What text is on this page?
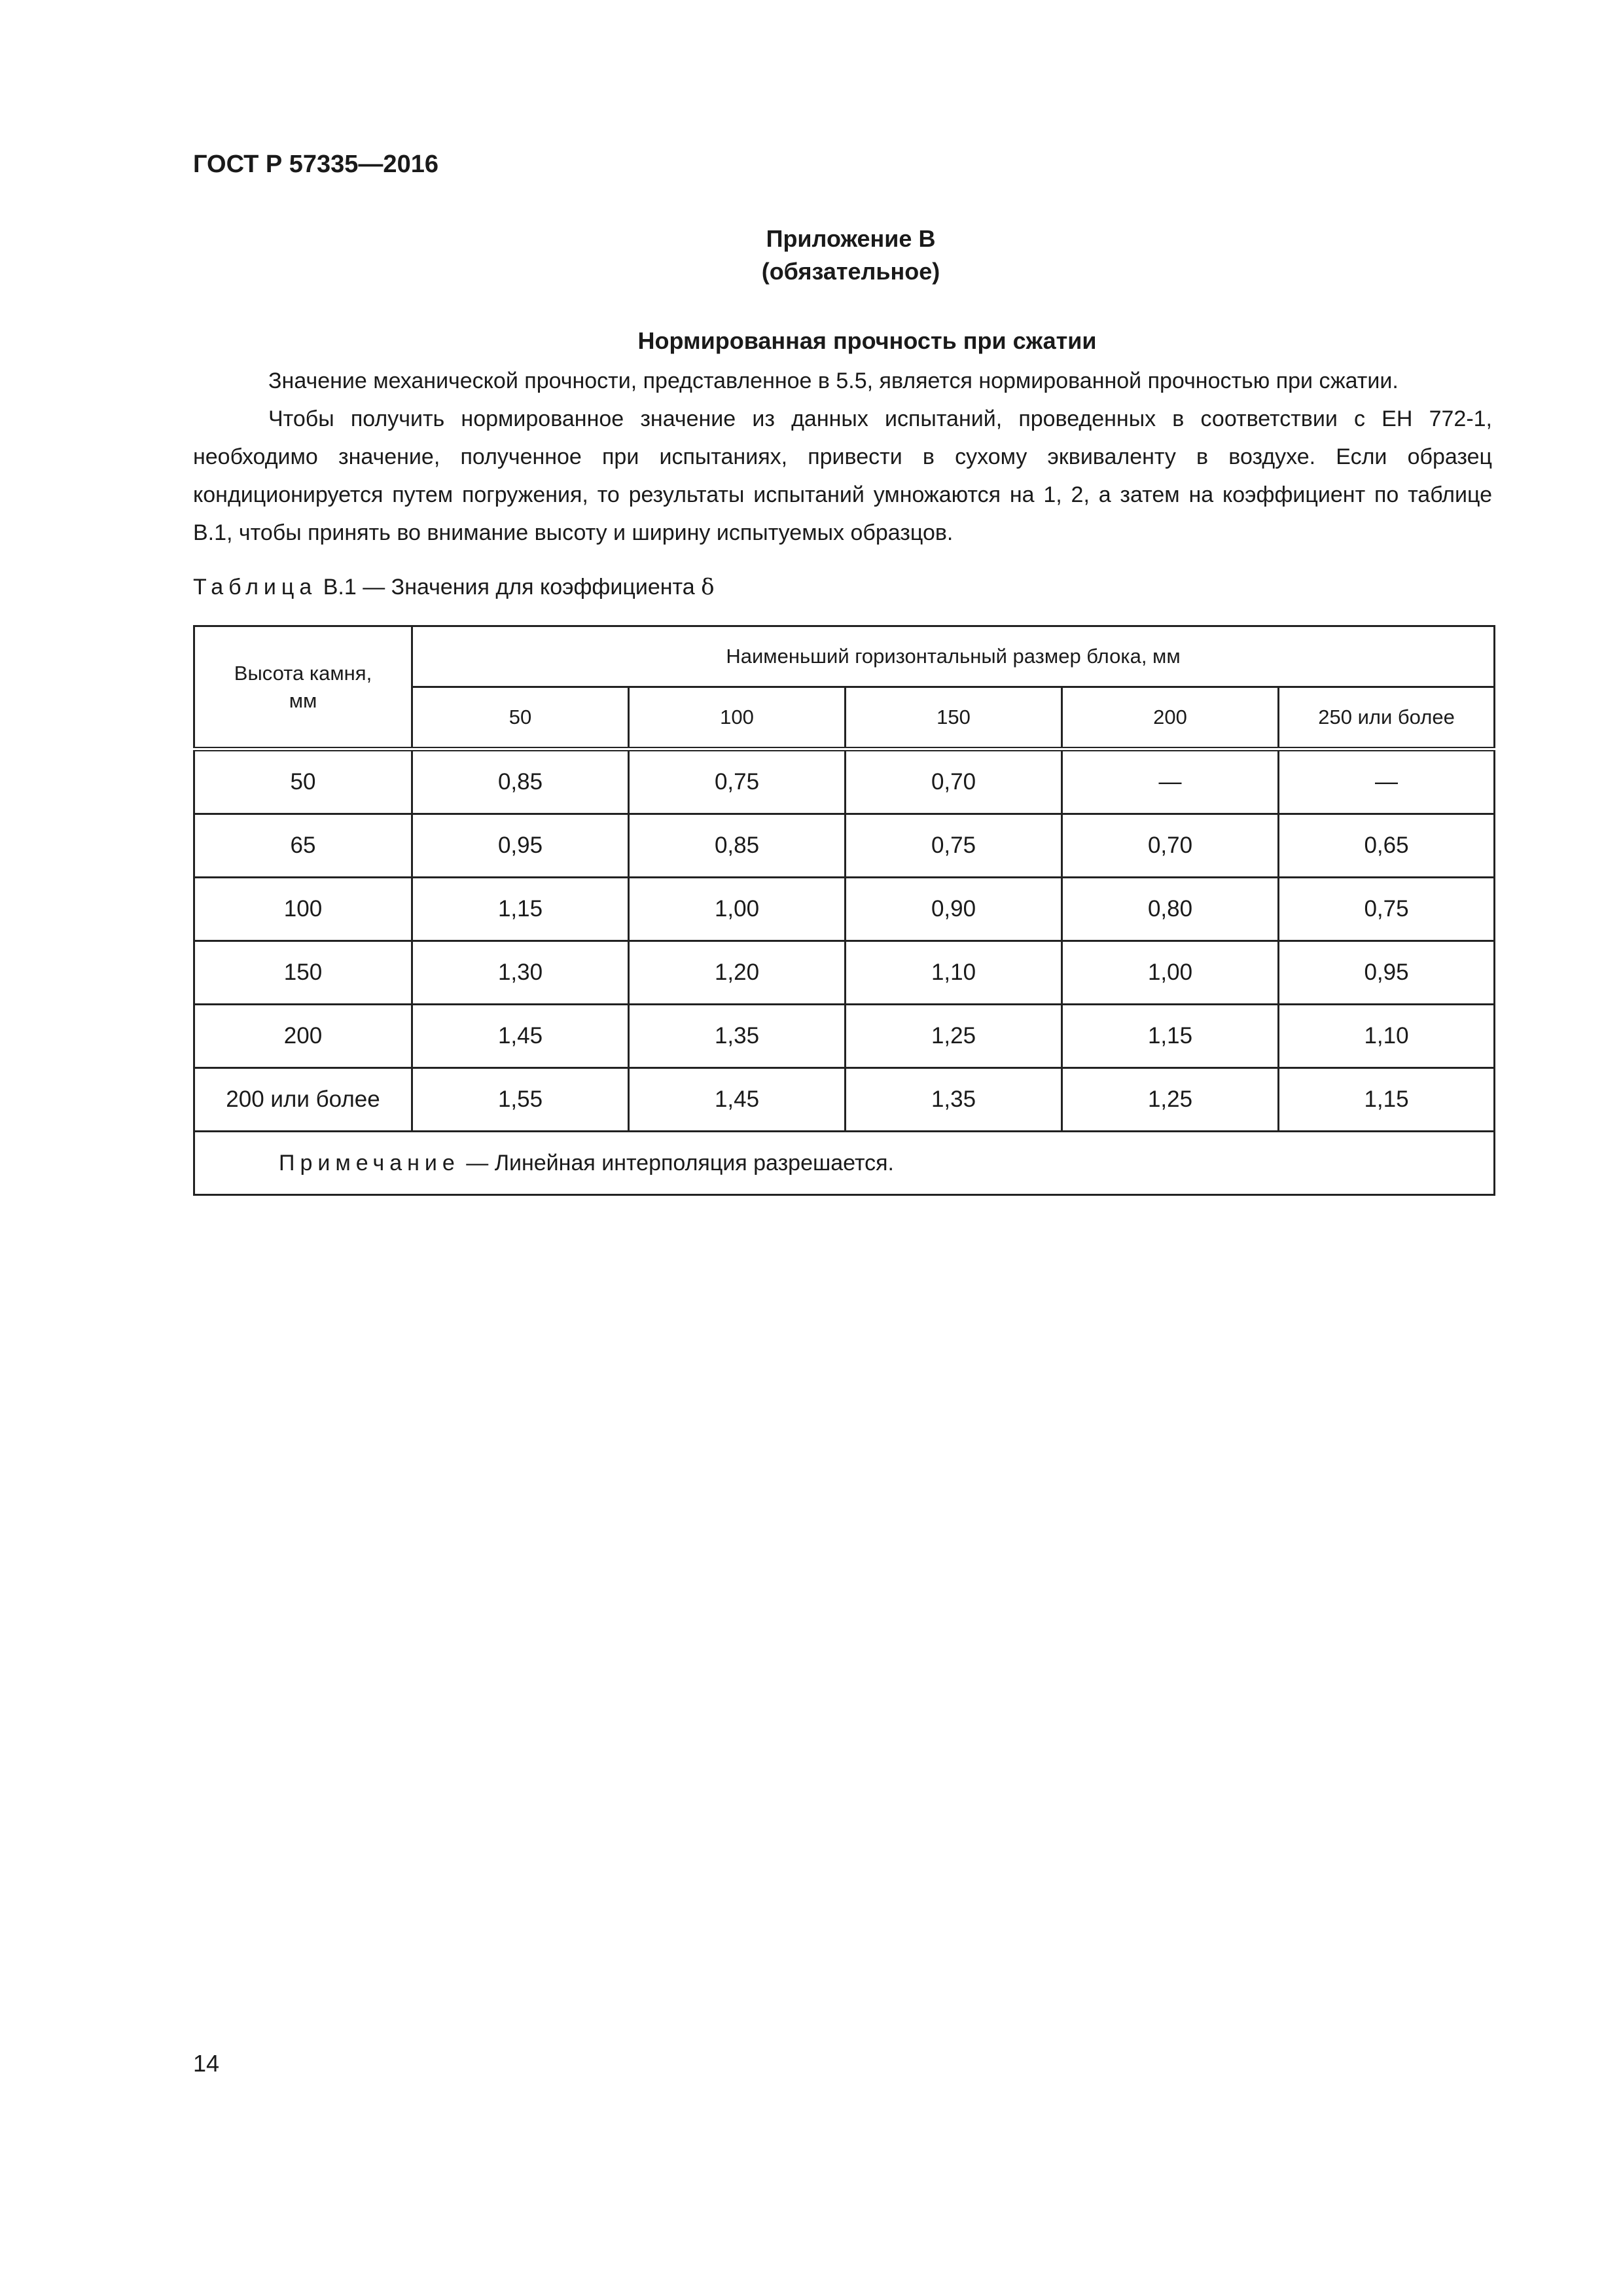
ГОСТ Р 57335—2016
Приложение В
(обязательное)
Нормированная прочность при сжатии
Значение механической прочности, представленное в 5.5, является нормированной прочностью при сжатии.
Чтобы получить нормированное значение из данных испытаний, проведенных в соответствии с ЕН 772-1, необходимо значение, полученное при испытаниях, привести в сухому эквиваленту в воздухе. Если образец кондиционируется путем погружения, то результаты испытаний умножаются на 1, 2, а затем на коэффициент по таблице В.1, чтобы принять во внимание высоту и ширину испытуемых образцов.
Таблица В.1 — Значения для коэффициента δ
Высота камня, мм	Наименьший горизонтальный размер блока, мм				
	50	100	150	200	250 или более
50	0,85	0,75	0,70	—	—
65	0,95	0,85	0,75	0,70	0,65
100	1,15	1,00	0,90	0,80	0,75
150	1,30	1,20	1,10	1,00	0,95
200	1,45	1,35	1,25	1,15	1,10
200 или более	1,55	1,45	1,35	1,25	1,15
Примечание — Линейная интерполяция разрешается.					
14
